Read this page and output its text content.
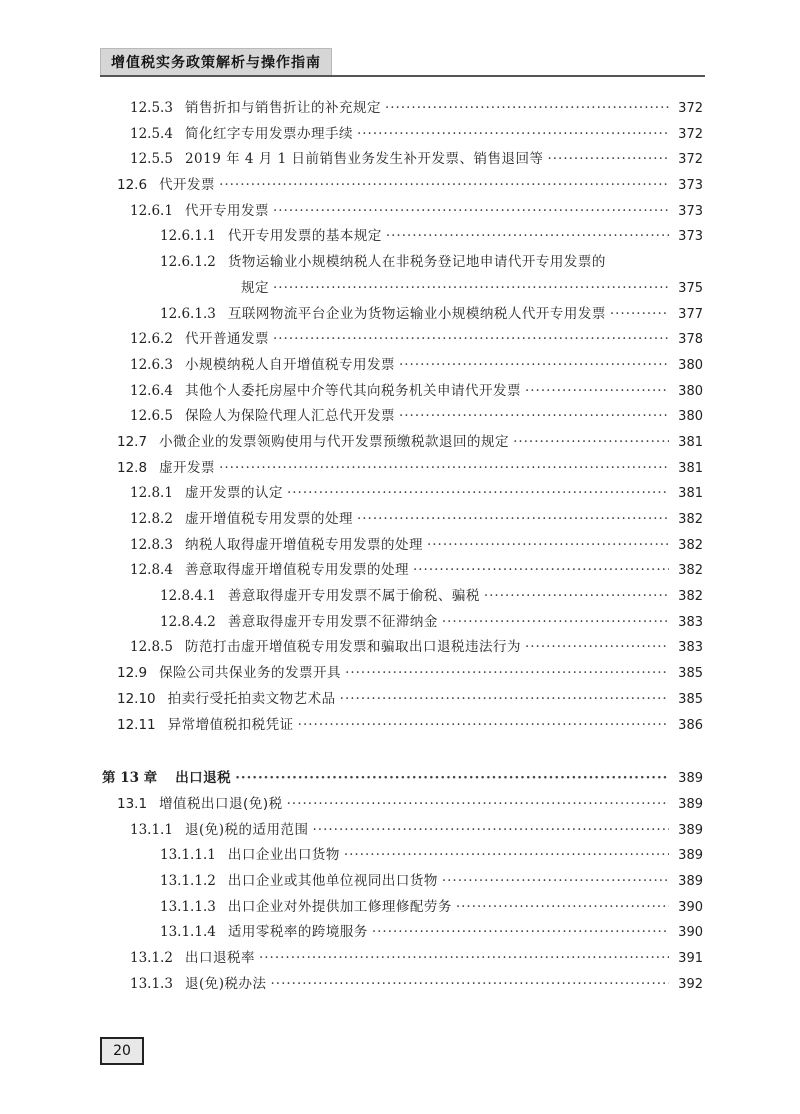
增值税实务政策解析与操作指南
12.5.3 销售折扣与销售折让的补充规定 ·····	372
12.5.4 简化红字专用发票办理手续 ·····	372
12.5.5 2019 年 4 月 1 日前销售业务发生补开发票、销售退回等 ·····	372
12.6 代开发票 ·····	373
12.6.1 代开专用发票 ·····	373
12.6.1.1 代开专用发票的基本规定 ·····	373
12.6.1.2 货物运输业小规模纳税人在非税务登记地申请代开专用发票的
规定 ·····	375
12.6.1.3 互联网物流平台企业为货物运输业小规模纳税人代开专用发票 ·····	377
12.6.2 代开普通发票 ·····	378
12.6.3 小规模纳税人自开增值税专用发票 ·····	380
12.6.4 其他个人委托房屋中介等代其向税务机关申请代开发票 ·····	380
12.6.5 保险人为保险代理人汇总代开发票 ·····	380
12.7 小微企业的发票领购使用与代开发票预缴税款退回的规定 ·····	381
12.8 虚开发票 ·····	381
12.8.1 虚开发票的认定 ·····	381
12.8.2 虚开增值税专用发票的处理 ·····	382
12.8.3 纳税人取得虚开增值税专用发票的处理 ·····	382
12.8.4 善意取得虚开增值税专用发票的处理 ·····	382
12.8.4.1 善意取得虚开专用发票不属于偷税、骗税 ·····	382
12.8.4.2 善意取得虚开专用发票不征滞纳金 ·····	383
12.8.5 防范打击虚开增值税专用发票和骗取出口退税违法行为 ·····	383
12.9 保险公司共保业务的发票开具 ·····	385
12.10 拍卖行受托拍卖文物艺术品 ·····	385
12.11 异常增值税扣税凭证 ·····	386
第 13 章	出口退税 ·····	389
13.1 增值税出口退(免)税 ·····	389
13.1.1 退(免)税的适用范围 ·····	389
13.1.1.1 出口企业出口货物 ·····	389
13.1.1.2 出口企业或其他单位视同出口货物 ·····	389
13.1.1.3 出口企业对外提供加工修理修配劳务 ·····	390
13.1.1.4 适用零税率的跨境服务 ·····	390
13.1.2 出口退税率 ·····	391
13.1.3 退(免)税办法 ·····	392
20
